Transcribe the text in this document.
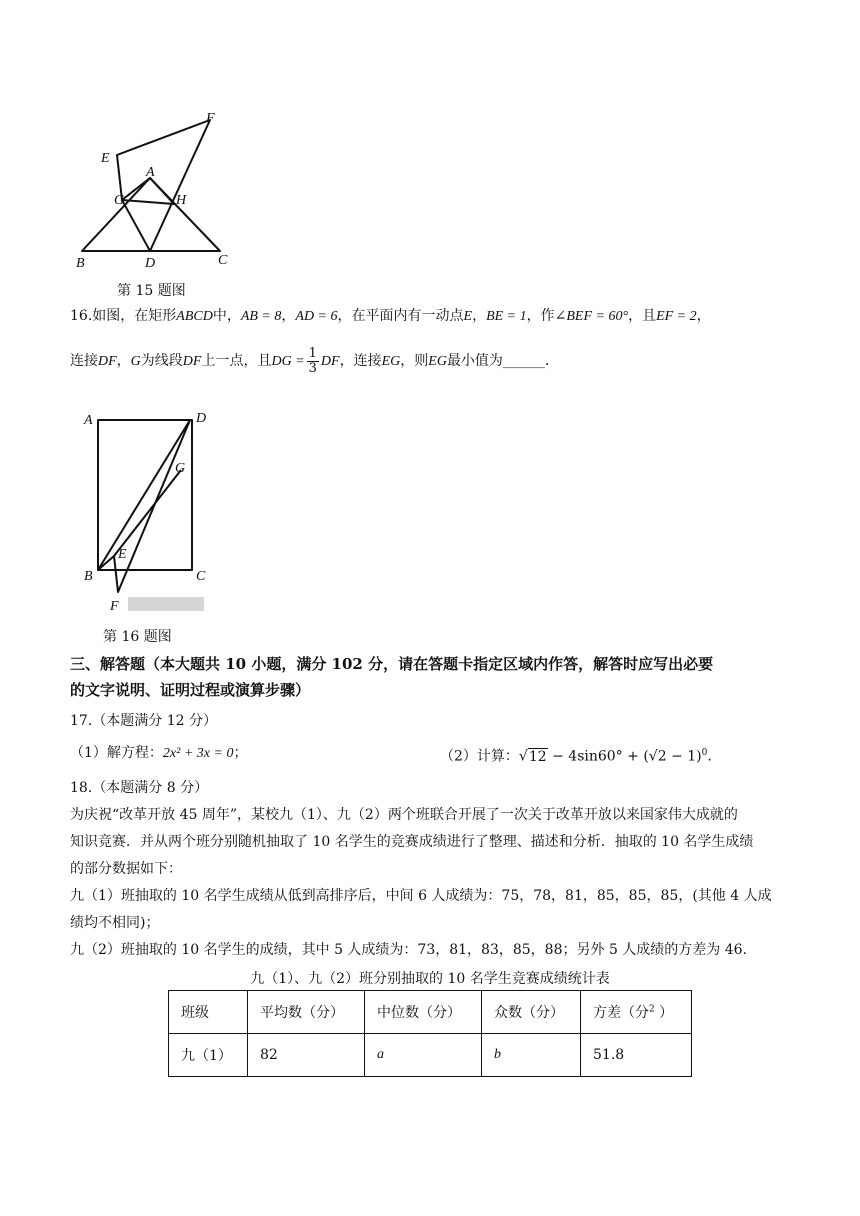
F
E
A
G	H
B	D	C
第 15 题图
16.如图，在矩形ABCD中，AB = 8，AD = 6，在平面内有一动点E，BE = 1，作∠BEF = 60°，且EF = 2，
连接DF，G为线段DF上一点，且DG = $\frac{1}{3}$ DF，连接EG，则EG最小值为______.
A	D
G
E
B	C
F
第 16 题图
三、解答题（本大题共 10 小题，满分 102 分，请在答题卡指定区域内作答，解答时应写出必要
的文字说明、证明过程或演算步骤）
17.（本题满分 12 分）
（1）解方程：2x² + 3x = 0；	（2）计算：$√12 - 4\sin 60^\circ + (√2 - 1)^0$.
18.（本题满分 8 分）
为庆祝“改革开放 45 周年”，某校九（1）、九（2）两个班联合开展了一次关于改革开放以来国家伟大成就的
知识竞赛．并从两个班分别随机抽取了 10 名学生的竞赛成绩进行了整理、描述和分析．抽取的 10 名学生成绩
的部分数据如下：
九（1）班抽取的 10 名学生成绩从低到高排序后，中间 6 人成绩为：75，78，81，85，85，85，(其他 4 人成
绩均不相同)；
九（2）班抽取的 10 名学生的成绩，其中 5 人成绩为：73，81，83，85，88；另外 5 人成绩的方差为 46.
九（1）、九（2）班分别抽取的 10 名学生竞赛成绩统计表
班级	平均数（分）	中位数（分）	众数（分）	方差（分$^2$ ）
九（1）	82	a	b	51.8
